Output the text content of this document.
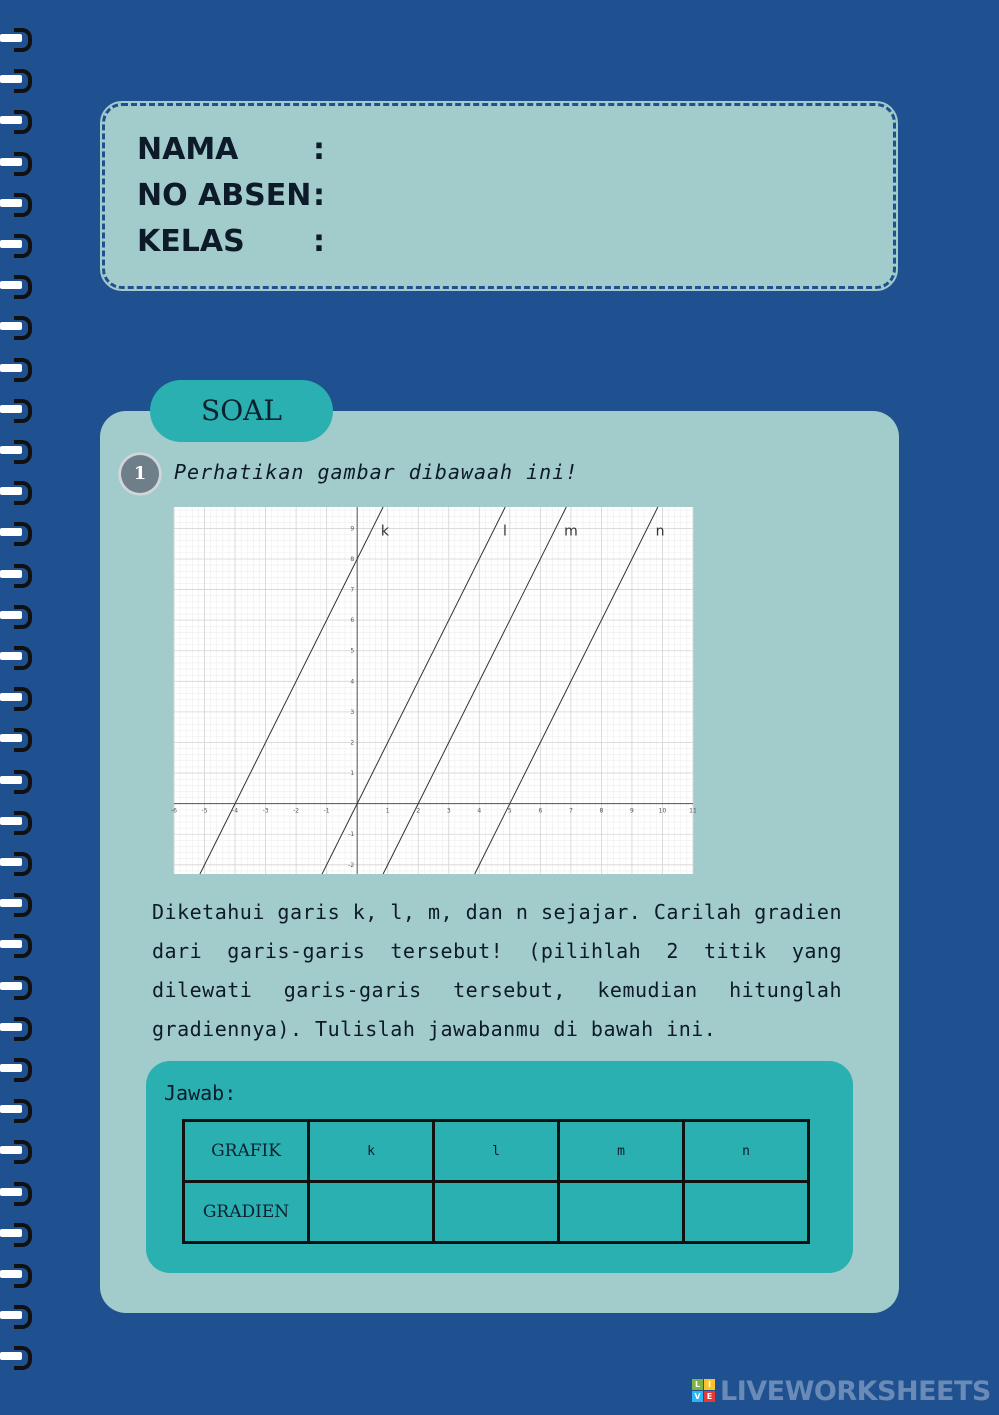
NAMA :
NO ABSEN:
KELAS :
SOAL
1	Perhatikan gambar dibawaah ini!
-6	-5	-4	-3	-2	-1	1	2	3	4	5	6	7	8	9	10	11
-2
-1
1
2
3
4
5
6
7
8
9 k	l	m	n
Diketahui garis k, l, m, dan n sejajar. Carilah gradien dari garis-garis tersebut! (pilihlah 2 titik yang dilewati garis-garis tersebut, kemudian hitunglah gradiennya). Tulislah jawabanmu di bawah ini.
Jawab:
GRAFIK	k	l	m	n
GRADIEN				
L I
V E LIVEWORKSHEETS
